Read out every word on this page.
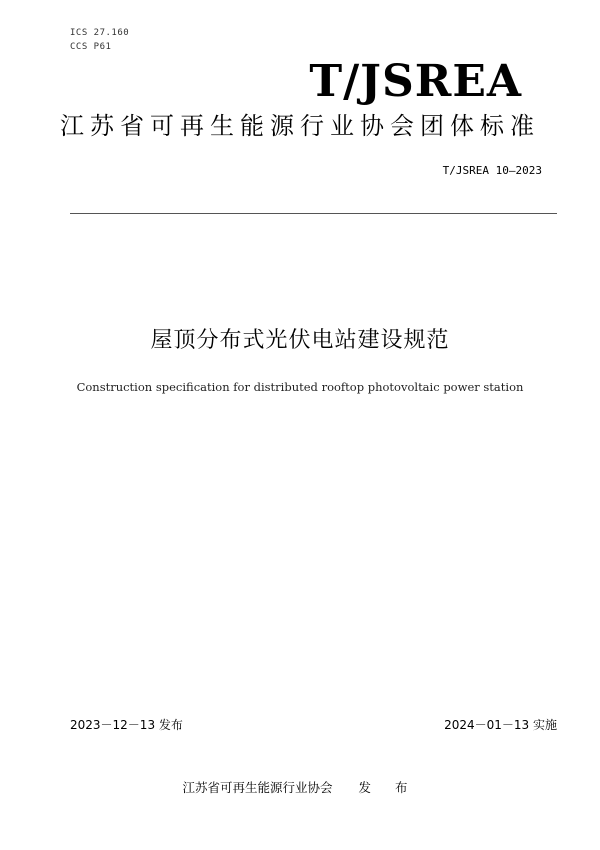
ICS 27.160
CCS P61
T/JSREA
江苏省可再生能源行业协会团体标准
T/JSREA 10—2023
屋顶分布式光伏电站建设规范
Construction specification for distributed rooftop photovoltaic power station
2023－12－13 发布	2024－01－13 实施
江苏省可再生能源行业协会 发 布
